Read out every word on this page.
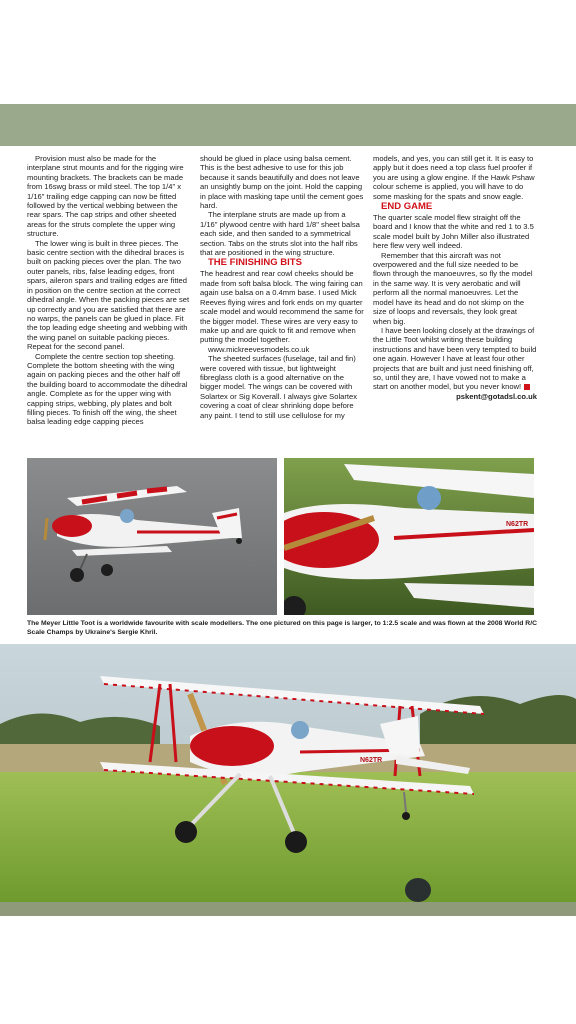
Provision must also be made for the interplane strut mounts and for the rigging wire mounting brackets. The brackets can be made from 16swg brass or mild steel. The top 1/4" x 1/16" trailing edge capping can now be fitted followed by the vertical webbing between the rear spars. The cap strips and other sheeted areas for the struts complete the upper wing structure.

The lower wing is built in three pieces. The basic centre section with the dihedral braces is built on packing pieces over the plan. The two outer panels, ribs, false leading edges, front spars, aileron spars and trailing edges are fitted in position on the centre section at the correct dihedral angle. When the packing pieces are set up correctly and you are satisfied that there are no warps, the panels can be glued in place. Fit the top leading edge sheeting and webbing with the wing panel on suitable packing pieces. Repeat for the second panel.

Complete the centre section top sheeting. Complete the bottom sheeting with the wing again on packing pieces and the other half off the building board to accommodate the dihedral angle. Complete as for the upper wing with capping strips, webbing, ply plates and bolt filling pieces. To finish off the wing, the sheet balsa leading edge capping pieces

should be glued in place using balsa cement. This is the best adhesive to use for this job because it sands beautifully and does not leave an unsightly bump on the joint. Hold the capping in place with masking tape until the cement goes hard.

The interplane struts are made up from a 1/16" plywood centre with hard 1/8" sheet balsa each side, and then sanded to a symmetrical section. Tabs on the struts slot into the half ribs that are positioned in the wing structure.

THE FINISHING BITS

The headrest and rear cowl cheeks should be made from soft balsa block. The wing fairing can again use balsa on a 0.4mm base. I used Mick Reeves flying wires and fork ends on my quarter scale model and would recommend the same for the bigger model. These wires are very easy to make up and are quick to fit and remove when putting the model together.

www.mickreevesmodels.co.uk

The sheeted surfaces (fuselage, tail and fin) were covered with tissue, but lightweight fibreglass cloth is a good alternative on the bigger model. The wings can be covered with Solartex or Sig Koverall. I always give Solartex covering a coat of clear shrinking dope before any paint. I tend to still use cellulose for my

models, and yes, you can still get it. It is easy to apply but it does need a top class fuel proofer if you are using a glow engine. If the Hawk Pshaw colour scheme is applied, you will have to do some masking for the spats and snow eagle.

END GAME

The quarter scale model flew straight off the board and I know that the white and red 1 to 3.5 scale model built by John Miller also illustrated here flew very well indeed.

Remember that this aircraft was not overpowered and the full size needed to be flown through the manoeuvres, so fly the model in the same way. It is very aerobatic and will perform all the normal manoeuvres. Let the model have its head and do not skimp on the size of loops and reversals, they look great when big.

I have been looking closely at the drawings of the Little Toot whilst writing these building instructions and have been very tempted to build one again. However I have at least four other projects that are built and just need finishing off, so, until they are, I have vowed not to make a start on another model, but you never know!

pskent@gotadsl.co.uk

N62TR
The Meyer Little Toot is a worldwide favourite with scale modellers. The one pictured on this page is larger, to 1:2.5 scale and was flown at the 2008 World R/C Scale Champs by Ukraine's Sergie Khril.
N62TR
